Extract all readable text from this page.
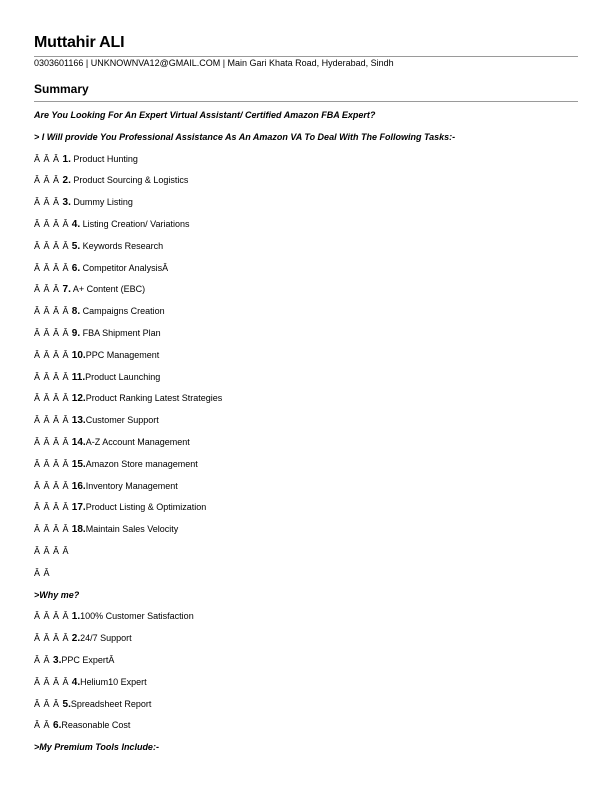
Muttahir ALI
0303601166 | UNKNOWNVA12@GMAIL.COM | Main Gari Khata Road, Hyderabad, Sindh
Summary
Are You Looking For An Expert Virtual Assistant/ Certified Amazon FBA Expert?
> I Will provide You Professional Assistance As An Amazon VA To Deal With The Following Tasks:-
Â Â Â 1. Product Hunting
Â Â Â 2. Product Sourcing & Logistics
Â Â Â 3. Dummy Listing
Â Â Â Â 4. Listing Creation/ Variations
Â Â Â Â 5. Keywords Research
Â Â Â Â 6. Competitor AnalysisÂ
Â Â Â 7. A+ Content (EBC)
Â Â Â Â 8. Campaigns Creation
Â Â Â Â 9. FBA Shipment Plan
Â Â Â Â 10.PPC Management
Â Â Â Â 11.Product Launching
Â Â Â Â 12.Product Ranking Latest Strategies
Â Â Â Â 13.Customer Support
Â Â Â Â 14.A-Z Account Management
Â Â Â Â 15.Amazon Store management
Â Â Â Â 16.Inventory Management
Â Â Â Â 17.Product Listing & Optimization
Â Â Â Â 18.Maintain Sales Velocity
Â Â Â Â
Â Â
>Why me?
Â Â Â Â 1.100% Customer Satisfaction
Â Â Â Â 2.24/7 Support
Â Â 3.PPC ExpertÂ
Â Â Â Â 4.Helium10 Expert
Â Â Â 5.Spreadsheet Report
Â Â 6.Reasonable Cost
>My Premium Tools Include:-
